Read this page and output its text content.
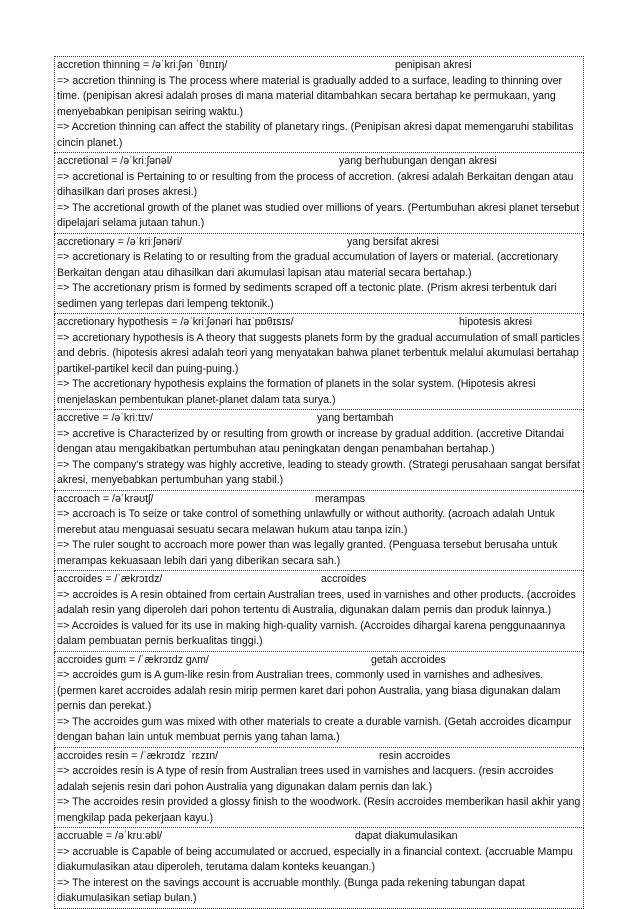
accretion thinning = /əˈkriːʃən ˈθɪnɪŋ/	penipisan akresi

=> accretion thinning is The process where material is gradually added to a surface, leading to thinning over time. (penipisan akresi adalah proses di mana material ditambahkan secara bertahap ke permukaan, yang menyebabkan penipisan seiring waktu.)

=> Accretion thinning can affect the stability of planetary rings. (Penipisan akresi dapat memengaruhi stabilitas cincin planet.)

accretional = /əˈkriːʃənəl/	yang berhubungan dengan akresi

=> accretional is Pertaining to or resulting from the process of accretion. (akresi adalah Berkaitan dengan atau dihasilkan dari proses akresi.)

=> The accretional growth of the planet was studied over millions of years. (Pertumbuhan akresi planet tersebut dipelajari selama jutaan tahun.)

accretionary = /əˈkriːʃənəri/	yang bersifat akresi

=> accretionary is Relating to or resulting from the gradual accumulation of layers or material. (accretionary Berkaitan dengan atau dihasilkan dari akumulasi lapisan atau material secara bertahap.)

=> The accretionary prism is formed by sediments scraped off a tectonic plate. (Prism akresi terbentuk dari sedimen yang terlepas dari lempeng tektonik.)

accretionary hypothesis = /əˈkriːʃənəri haɪˈpɒθɪsɪs/	hipotesis akresi

=> accretionary hypothesis is A theory that suggests planets form by the gradual accumulation of small particles and debris. (hipotesis akresi adalah teori yang menyatakan bahwa planet terbentuk melalui akumulasi bertahap partikel-partikel kecil dan puing-puing.)

=> The accretionary hypothesis explains the formation of planets in the solar system. (Hipotesis akresi menjelaskan pembentukan planet-planet dalam tata surya.)

accretive = /əˈkriːtɪv/	yang bertambah

=> accretive is Characterized by or resulting from growth or increase by gradual addition. (accretive Ditandai dengan atau mengakibatkan pertumbuhan atau peningkatan dengan penambahan bertahap.)

=> The company's strategy was highly accretive, leading to steady growth. (Strategi perusahaan sangat bersifat akresi, menyebabkan pertumbuhan yang stabil.)

accroach = /əˈkrəʊtʃ/	merampas

=> accroach is To seize or take control of something unlawfully or without authority. (acroach adalah Untuk merebut atau menguasai sesuatu secara melawan hukum atau tanpa izin.)

=> The ruler sought to accroach more power than was legally granted. (Penguasa tersebut berusaha untuk merampas kekuasaan lebih dari yang diberikan secara sah.)

accroides = /ˈækrɔɪdz/	accroides

=> accroides is A resin obtained from certain Australian trees, used in varnishes and other products. (accroides adalah resin yang diperoleh dari pohon tertentu di Australia, digunakan dalam pernis dan produk lainnya.)

=> Accroides is valued for its use in making high-quality varnish. (Accroides dihargai karena penggunaannya dalam pembuatan pernis berkualitas tinggi.)

accroides gum = /ˈækrɔɪdz ɡʌm/	getah accroides

=> accroides gum is A gum-like resin from Australian trees, commonly used in varnishes and adhesives. (permen karet accroides adalah resin mirip permen karet dari pohon Australia, yang biasa digunakan dalam pernis dan perekat.)

=> The accroides gum was mixed with other materials to create a durable varnish. (Getah accroides dicampur dengan bahan lain untuk membuat pernis yang tahan lama.)

accroides resin = /ˈækrɔɪdz ˈrɛzɪn/	resin accroides

=> accroides resin is A type of resin from Australian trees used in varnishes and lacquers. (resin accroides adalah sejenis resin dari pohon Australia yang digunakan dalam pernis dan lak.)

=> The accroides resin provided a glossy finish to the woodwork. (Resin accroides memberikan hasil akhir yang mengkilap pada pekerjaan kayu.)

accruable = /əˈkruːəbl/	dapat diakumulasikan

=> accruable is Capable of being accumulated or accrued, especially in a financial context. (accruable Mampu diakumulasikan atau diperoleh, terutama dalam konteks keuangan.)

=> The interest on the savings account is accruable monthly. (Bunga pada rekening tabungan dapat diakumulasikan setiap bulan.)
